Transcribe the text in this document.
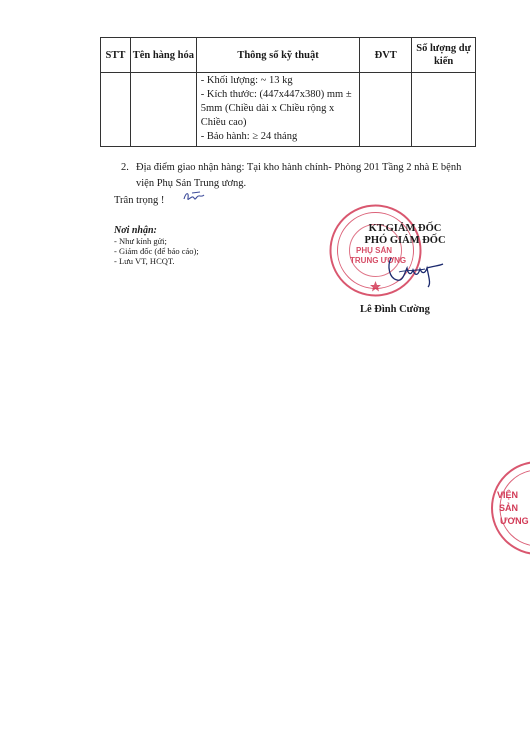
STT	Tên hàng hóa	Thông số kỹ thuật	ĐVT	Số lượng dự kiến

		- Khối lượng: ~ 13 kg
- Kích thước: (447x447x380) mm ±
5mm (Chiều dài x Chiều rộng x
Chiều cao)
- Bảo hành: ≥ 24 tháng		

2. Địa điểm giao nhận hàng: Tại kho hành chính- Phòng 201 Tầng 2 nhà E bệnh viện Phụ Sản Trung ương.
Trân trọng !
Nơi nhận:
- Như kính gửi;
- Giám đốc (để báo cáo);
- Lưu VT, HCQT.
PHỤ SẢN
TRUNG ƯƠNG
KT.GIÁM ĐỐC
PHÓ GIÁM ĐỐC
Lê Đình Cường
VIỆN
SẢN
ƯƠNG
